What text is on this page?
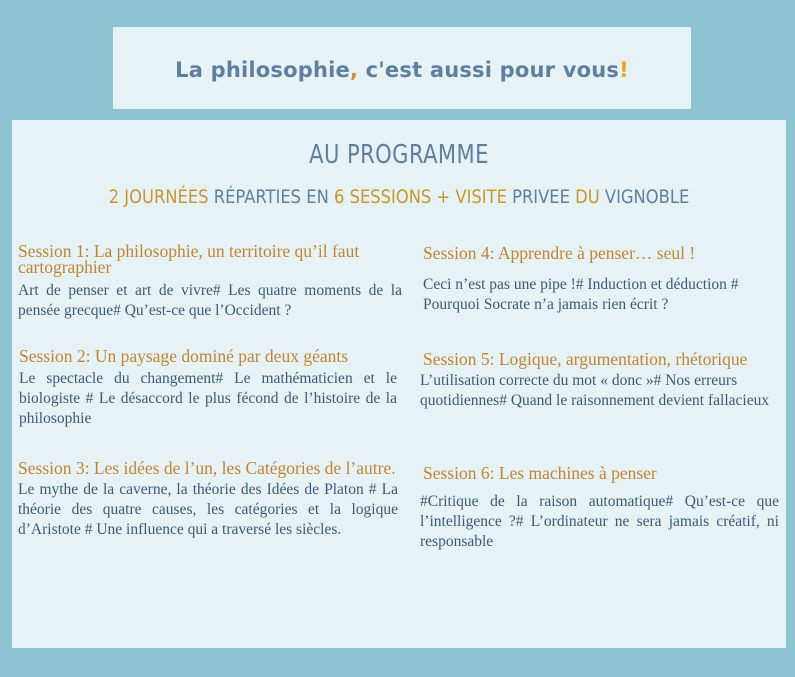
La philosophie, c'est aussi pour vous!
AU PROGRAMME
2 JOURNÉES RÉPARTIES EN 6 SESSIONS + VISITE PRIVEE DU VIGNOBLE

Session 1: La philosophie, un territoire qu’il faut cartographier

Art de penser et art de vivre# Les quatre moments de la pensée grecque# Qu’est-ce que l’Occident ?

Session 2: Un paysage dominé par deux géants

Le spectacle du changement# Le mathématicien et le biologiste # Le désaccord le plus fécond de l’histoire de la philosophie

Session 3: Les idées de l’un, les Catégories de l’autre.

Le mythe de la caverne, la théorie des Idées de Platon # La théorie des quatre causes, les catégories et la logique d’Aristote # Une influence qui a traversé les siècles.

Session 4: Apprendre à penser… seul !

Ceci n’est pas une pipe !# Induction et déduction # Pourquoi Socrate n’a jamais rien écrit ?

Session 5: Logique, argumentation, rhétorique

L’utilisation correcte du mot « donc »# Nos erreurs quotidiennes# Quand le raisonnement devient fallacieux

Session 6: Les machines à penser

#Critique de la raison automatique# Qu’est-ce que l’intelligence ?# L’ordinateur ne sera jamais créatif, ni responsable
